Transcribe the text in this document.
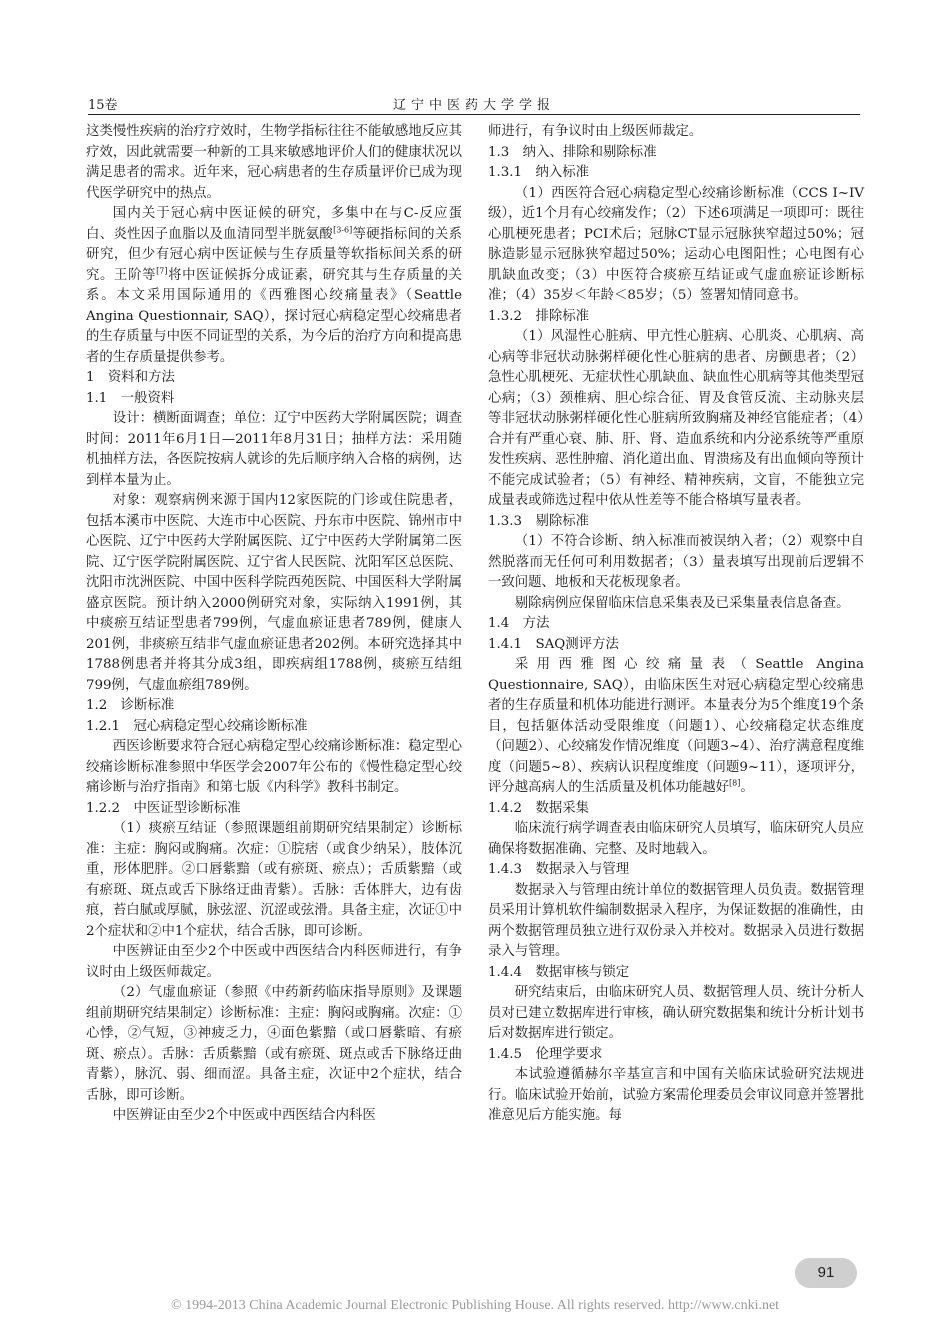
15卷	辽宁中医药大学学报

这类慢性疾病的治疗疗效时，生物学指标往往不能敏感地反应其疗效，因此就需要一种新的工具来敏感地评价人们的健康状况以满足患者的需求。近年来，冠心病患者的生存质量评价已成为现代医学研究中的热点。

国内关于冠心病中医证候的研究，多集中在与C-反应蛋白、炎性因子血脂以及血清同型半胱氨酸[3-6]等硬指标间的关系研究，但少有冠心病中医证候与生存质量等软指标间关系的研究。王阶等[7]将中医证候拆分成证素，研究其与生存质量的关系。本文采用国际通用的《西雅图心绞痛量表》（Seattle Angina Questionnair, SAQ），探讨冠心病稳定型心绞痛患者的生存质量与中医不同证型的关系，为今后的治疗方向和提高患者的生存质量提供参考。

1　资料和方法

1.1　一般资料

设计：横断面调查；单位：辽宁中医药大学附属医院；调查时间：2011年6月1日—2011年8月31日；抽样方法：采用随机抽样方法，各医院按病人就诊的先后顺序纳入合格的病例，达到样本量为止。

对象：观察病例来源于国内12家医院的门诊或住院患者，包括本溪市中医院、大连市中心医院、丹东市中医院、锦州市中心医院、辽宁中医药大学附属医院、辽宁中医药大学附属第二医院、辽宁医学院附属医院、辽宁省人民医院、沈阳军区总医院、沈阳市沈洲医院、中国中医科学院西苑医院、中国医科大学附属盛京医院。预计纳入2000例研究对象，实际纳入1991例，其中痰瘀互结证型患者799例，气虚血瘀证患者789例，健康人201例，非痰瘀互结非气虚血瘀证患者202例。本研究选择其中1788例患者并将其分成3组，即疾病组1788例，痰瘀互结组799例，气虚血瘀组789例。

1.2　诊断标准

1.2.1　冠心病稳定型心绞痛诊断标准

西医诊断要求符合冠心病稳定型心绞痛诊断标准：稳定型心绞痛诊断标准参照中华医学会2007年公布的《慢性稳定型心绞痛诊断与治疗指南》和第七版《内科学》教科书制定。

1.2.2　中医证型诊断标准

（1）痰瘀互结证（参照课题组前期研究结果制定）诊断标准：主症：胸闷或胸痛。次症：①脘痞（或食少纳呆），肢体沉重，形体肥胖。②口唇紫黯（或有瘀斑、瘀点）；舌质紫黯（或有瘀斑、斑点或舌下脉络迂曲青紫）。舌脉：舌体胖大，边有齿痕，苔白腻或厚腻，脉弦涩、沉涩或弦滑。具备主症，次证①中2个症状和②中1个症状，结合舌脉，即可诊断。

中医辨证由至少2个中医或中西医结合内科医师进行，有争议时由上级医师裁定。

（2）气虚血瘀证（参照《中药新药临床指导原则》及课题组前期研究结果制定）诊断标准：主症：胸闷或胸痛。次症：①心悸，②气短，③神疲乏力，④面色紫黯（或口唇紫暗、有瘀斑、瘀点）。舌脉：舌质紫黯（或有瘀斑、斑点或舌下脉络迂曲青紫），脉沉、弱、细而涩。具备主症，次证中2个症状，结合舌脉，即可诊断。

中医辨证由至少2个中医或中西医结合内科医

师进行，有争议时由上级医师裁定。

1.3　纳入、排除和剔除标准

1.3.1　纳入标准

（1）西医符合冠心病稳定型心绞痛诊断标准（CCS I~IV级），近1个月有心绞痛发作；（2）下述6项满足一项即可：既往心肌梗死患者；PCI术后；冠脉CT显示冠脉狭窄超过50%；冠脉造影显示冠脉狭窄超过50%；运动心电图阳性；心电图有心肌缺血改变；（3）中医符合痰瘀互结证或气虚血瘀证诊断标准；（4）35岁＜年龄＜85岁；（5）签署知情同意书。

1.3.2　排除标准

（1）风湿性心脏病、甲亢性心脏病、心肌炎、心肌病、高心病等非冠状动脉粥样硬化性心脏病的患者、房颤患者；（2）急性心肌梗死、无症状性心肌缺血、缺血性心肌病等其他类型冠心病；（3）颈椎病、胆心综合征、胃及食管反流、主动脉夹层等非冠状动脉粥样硬化性心脏病所致胸痛及神经官能症者；（4）合并有严重心衰、肺、肝、肾、造血系统和内分泌系统等严重原发性疾病、恶性肿瘤、消化道出血、胃溃疡及有出血倾向等预计不能完成试验者；（5）有神经、精神疾病，文盲，不能独立完成量表或筛选过程中依从性差等不能合格填写量表者。

1.3.3　剔除标准

（1）不符合诊断、纳入标准而被误纳入者；（2）观察中自然脱落而无任何可利用数据者；（3）量表填写出现前后逻辑不一致问题、地板和天花板现象者。

剔除病例应保留临床信息采集表及已采集量表信息备查。

1.4　方法

1.4.1　SAQ测评方法

采用西雅图心绞痛量表（Seattle Angina Questionnaire, SAQ），由临床医生对冠心病稳定型心绞痛患者的生存质量和机体功能进行测评。本量表分为5个维度19个条目，包括躯体活动受限维度（问题1）、心绞痛稳定状态维度（问题2）、心绞痛发作情况维度（问题3~4）、治疗满意程度维度（问题5~8）、疾病认识程度维度（问题9~11），逐项评分，评分越高病人的生活质量及机体功能越好[8]。

1.4.2　数据采集

临床流行病学调查表由临床研究人员填写，临床研究人员应确保将数据准确、完整、及时地载入。

1.4.3　数据录入与管理

数据录入与管理由统计单位的数据管理人员负责。数据管理员采用计算机软件编制数据录入程序，为保证数据的准确性，由两个数据管理员独立进行双份录入并校对。数据录入员进行数据录入与管理。

1.4.4　数据审核与锁定

研究结束后，由临床研究人员、数据管理人员、统计分析人员对已建立数据库进行审核，确认研究数据集和统计分析计划书后对数据库进行锁定。

1.4.5　伦理学要求

本试验遵循赫尔辛基宣言和中国有关临床试验研究法规进行。临床试验开始前，试验方案需伦理委员会审议同意并签署批准意见后方能实施。每

91
© 1994-2013 China Academic Journal Electronic Publishing House. All rights reserved. http://www.cnki.net
